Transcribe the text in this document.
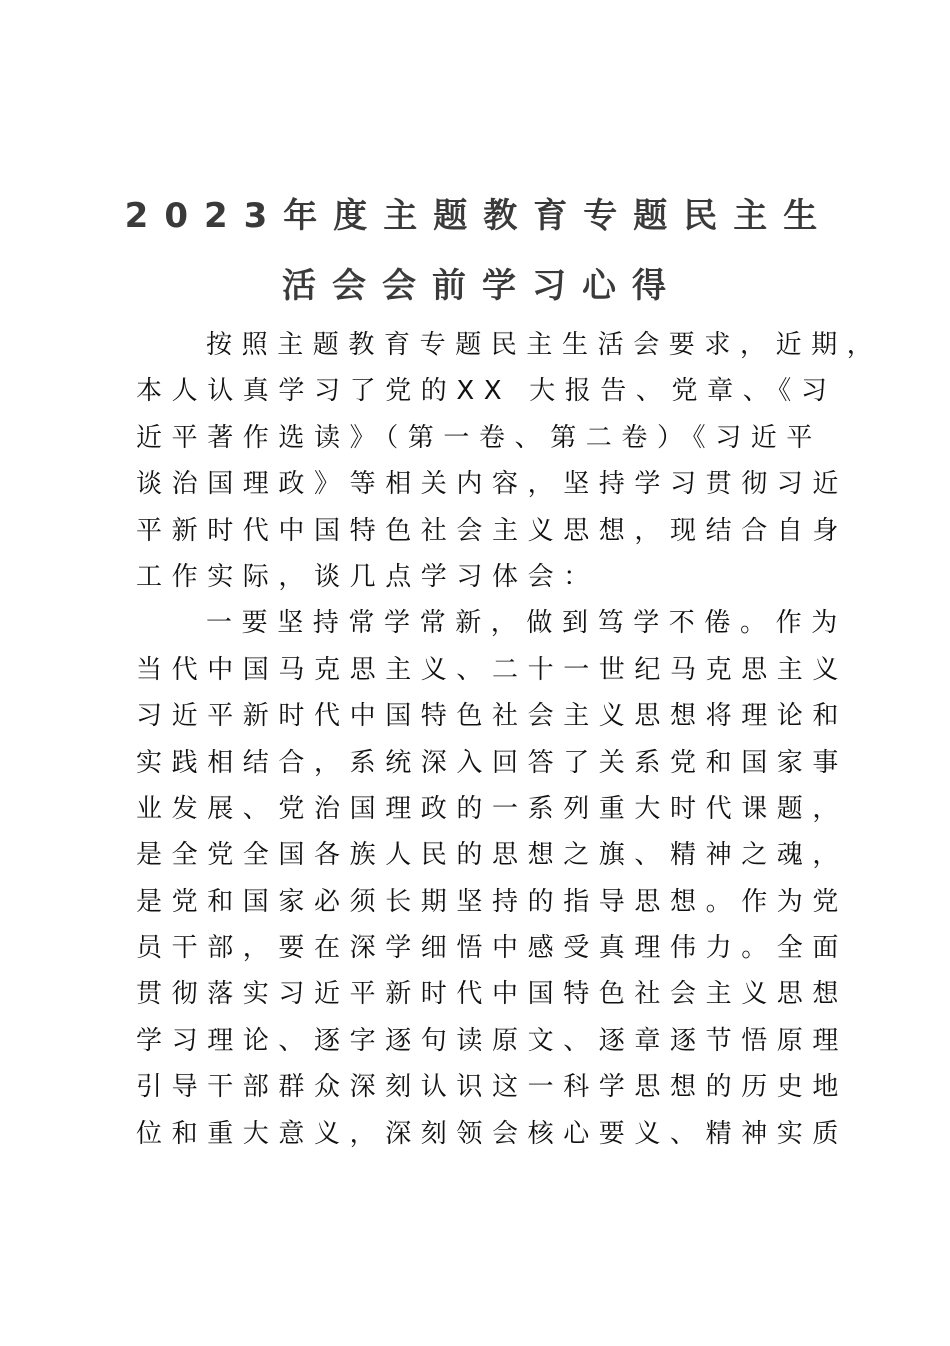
2023年度主题教育专题民主生
活会会前学习心得
按照主题教育专题民主生活会要求，近期，
本人认真学习了党的XX 大报告、党章、《习
近平著作选读》（第一卷、第二卷）《习近平
谈治国理政》等相关内容，坚持学习贯彻习近
平新时代中国特色社会主义思想，现结合自身
工作实际，谈几点学习体会：
一要坚持常学常新，做到笃学不倦。作为
当代中国马克思主义、二十一世纪马克思主义
习近平新时代中国特色社会主义思想将理论和
实践相结合，系统深入回答了关系党和国家事
业发展、党治国理政的一系列重大时代课题，
是全党全国各族人民的思想之旗、精神之魂，
是党和国家必须长期坚持的指导思想。作为党
员干部，要在深学细悟中感受真理伟力。全面
贯彻落实习近平新时代中国特色社会主义思想
学习理论、逐字逐句读原文、逐章逐节悟原理
引导干部群众深刻认识这一科学思想的历史地
位和重大意义，深刻领会核心要义、精神实质
